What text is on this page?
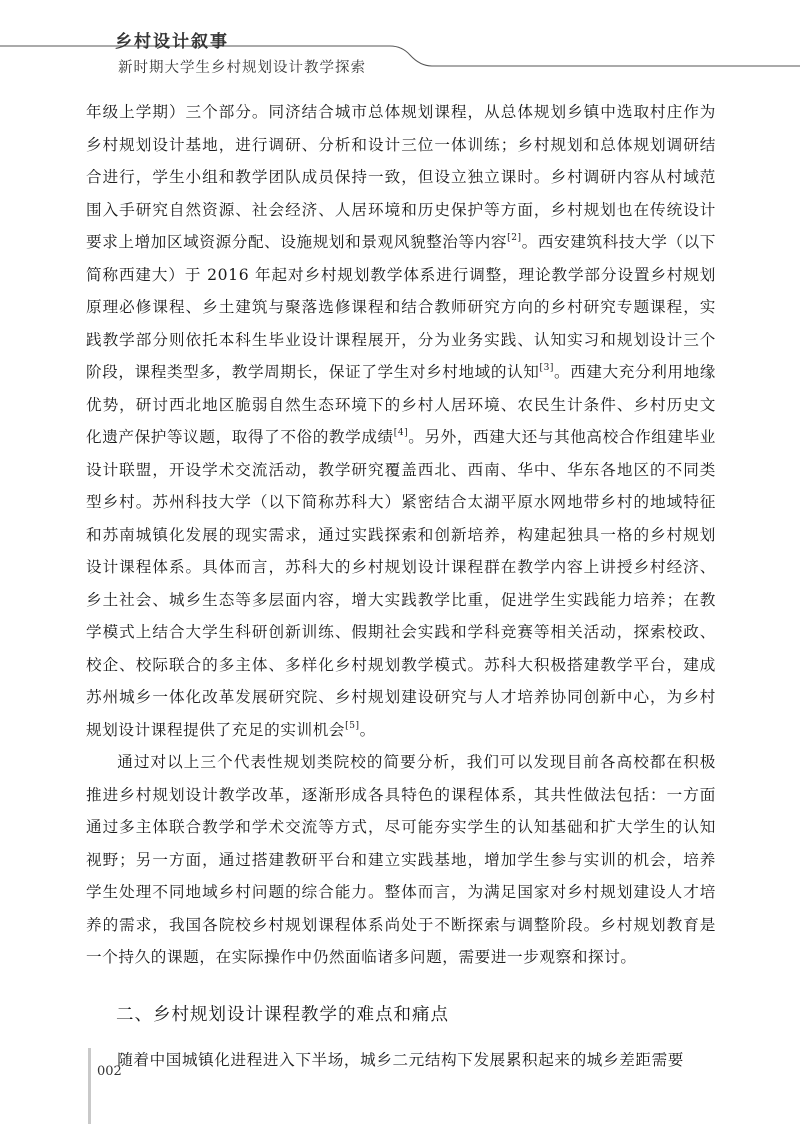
乡村设计叙事
新时期大学生乡村规划设计教学探索

年级上学期）三个部分。同济结合城市总体规划课程，从总体规划乡镇中选取村庄作为乡村规划设计基地，进行调研、分析和设计三位一体训练；乡村规划和总体规划调研结合进行，学生小组和教学团队成员保持一致，但设立独立课时。乡村调研内容从村域范围入手研究自然资源、社会经济、人居环境和历史保护等方面，乡村规划也在传统设计要求上增加区域资源分配、设施规划和景观风貌整治等内容[2]。西安建筑科技大学（以下简称西建大）于 2016 年起对乡村规划教学体系进行调整，理论教学部分设置乡村规划原理必修课程、乡土建筑与聚落选修课程和结合教师研究方向的乡村研究专题课程，实践教学部分则依托本科生毕业设计课程展开，分为业务实践、认知实习和规划设计三个阶段，课程类型多，教学周期长，保证了学生对乡村地域的认知[3]。西建大充分利用地缘优势，研讨西北地区脆弱自然生态环境下的乡村人居环境、农民生计条件、乡村历史文化遗产保护等议题，取得了不俗的教学成绩[4]。另外，西建大还与其他高校合作组建毕业设计联盟，开设学术交流活动，教学研究覆盖西北、西南、华中、华东各地区的不同类型乡村。苏州科技大学（以下简称苏科大）紧密结合太湖平原水网地带乡村的地域特征和苏南城镇化发展的现实需求，通过实践探索和创新培养，构建起独具一格的乡村规划设计课程体系。具体而言，苏科大的乡村规划设计课程群在教学内容上讲授乡村经济、乡土社会、城乡生态等多层面内容，增大实践教学比重，促进学生实践能力培养；在教学模式上结合大学生科研创新训练、假期社会实践和学科竞赛等相关活动，探索校政、校企、校际联合的多主体、多样化乡村规划教学模式。苏科大积极搭建教学平台，建成苏州城乡一体化改革发展研究院、乡村规划建设研究与人才培养协同创新中心，为乡村规划设计课程提供了充足的实训机会[5]。

通过对以上三个代表性规划类院校的简要分析，我们可以发现目前各高校都在积极推进乡村规划设计教学改革，逐渐形成各具特色的课程体系，其共性做法包括：一方面通过多主体联合教学和学术交流等方式，尽可能夯实学生的认知基础和扩大学生的认知视野；另一方面，通过搭建教研平台和建立实践基地，增加学生参与实训的机会，培养学生处理不同地域乡村问题的综合能力。整体而言，为满足国家对乡村规划建设人才培养的需求，我国各院校乡村规划课程体系尚处于不断探索与调整阶段。乡村规划教育是一个持久的课题，在实际操作中仍然面临诸多问题，需要进一步观察和探讨。

二、乡村规划设计课程教学的难点和痛点

随着中国城镇化进程进入下半场，城乡二元结构下发展累积起来的城乡差距需要

002
